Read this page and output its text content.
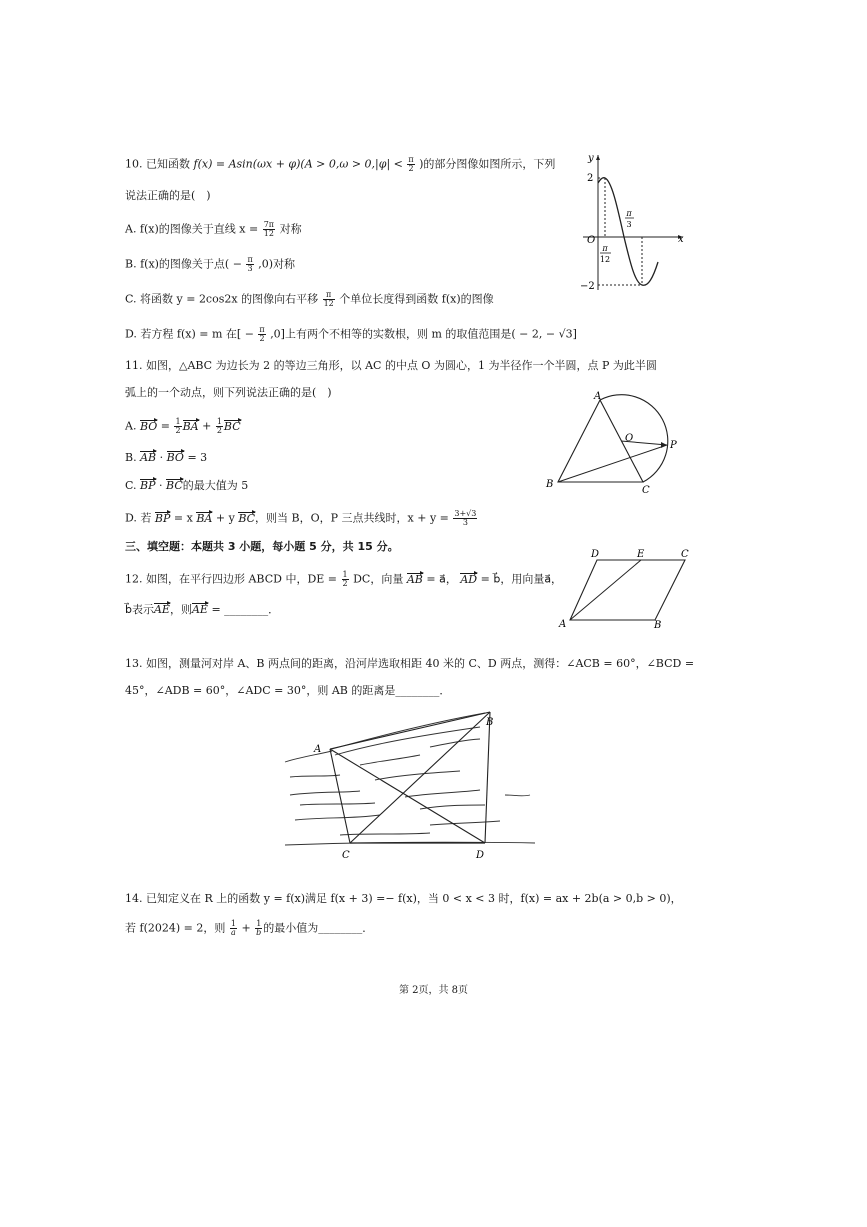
10. 已知函数 $f(x) = Asin(\omega x + \varphi)(A > 0,\omega > 0,|\varphi| < \frac{\pi}{2}$ )的部分图像如图所示，下列
说法正确的是(　)
A. f(x)的图像关于直线 $x = \frac{7\pi}{12}$ 对称
B. f(x)的图像关于点( − $\frac{\pi}{3} ,0$)对称
C. 将函数 y = 2cos2x 的图像向右平移 $\frac{\pi}{12}$ 个单位长度得到函数 f(x)的图像
D. 若方程 f(x) = m 在[ − $\frac{\pi}{2} ,0$]上有两个不相等的实数根，则 m 的取值范围是( − 2, − √3]
y
x
O
2
−2
π
12
π
3
11. 如图，△ABC 为边长为 2 的等边三角形，以 AC 的中点 O 为圆心，1 为半径作一个半圆，点 P 为此半圆
弧上的一个动点，则下列说法正确的是(　)
A. BO = $\frac{1}{2}$ BA + $\frac{1}{2}$ BC
B. AB · BO = 3
C. BP · BC的最大值为 5
D. 若 BP = x BA + y BC，则当 B，O，P 三点共线时，$x + y = \frac{3+√3}{3}$
A
B
C
O
P
三、填空题：本题共 3 小题，每小题 5 分，共 15 分。
12. 如图，在平行四边形 ABCD 中，DE = $\frac{1}{2}$ DC，向量 AB = a⃗， AD = b⃗，用向量a⃗，
b⃗表示AE，则AE = ________．
D	E	C
A	B
13. 如图，测量河对岸 A、B 两点间的距离，沿河岸选取相距 40 米的 C、D 两点，测得：∠ACB = 60°，∠BCD =
45°，∠ADB = 60°，∠ADC = 30°，则 AB 的距离是________．
A
B
C	D
14. 已知定义在 R 上的函数 y = f(x)满足 f(x + 3) =− f(x)，当 0 < x < 3 时，f(x) = ax + 2b(a > 0,b > 0)，
若 f(2024) = 2，则 $\frac{1}{a} + \frac{1}{b}$ 的最小值为________．
第 2页，共 8页
